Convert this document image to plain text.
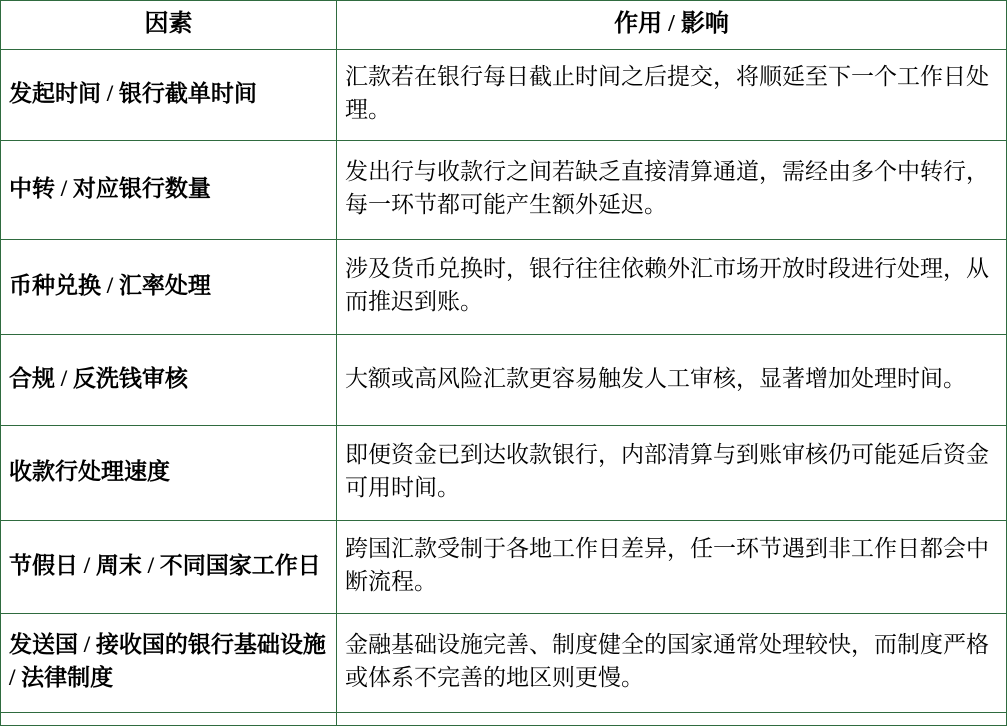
因素	作用 / 影响
发起时间 / 银行截单时间	汇款若在银行每日截止时间之后提交，将顺延至下一个工作日处理。
中转 / 对应银行数量	发出行与收款行之间若缺乏直接清算通道，需经由多个中转行，每一环节都可能产生额外延迟。
币种兑换 / 汇率处理	涉及货币兑换时，银行往往依赖外汇市场开放时段进行处理，从而推迟到账。
合规 / 反洗钱审核	大额或高风险汇款更容易触发人工审核，显著增加处理时间。
收款行处理速度	即便资金已到达收款银行，内部清算与到账审核仍可能延后资金可用时间。
节假日 / 周末 / 不同国家工作日	跨国汇款受制于各地工作日差异，任一环节遇到非工作日都会中断流程。
发送国 / 接收国的银行基础设施 / 法律制度	金融基础设施完善、制度健全的国家通常处理较快，而制度严格或体系不完善的地区则更慢。
